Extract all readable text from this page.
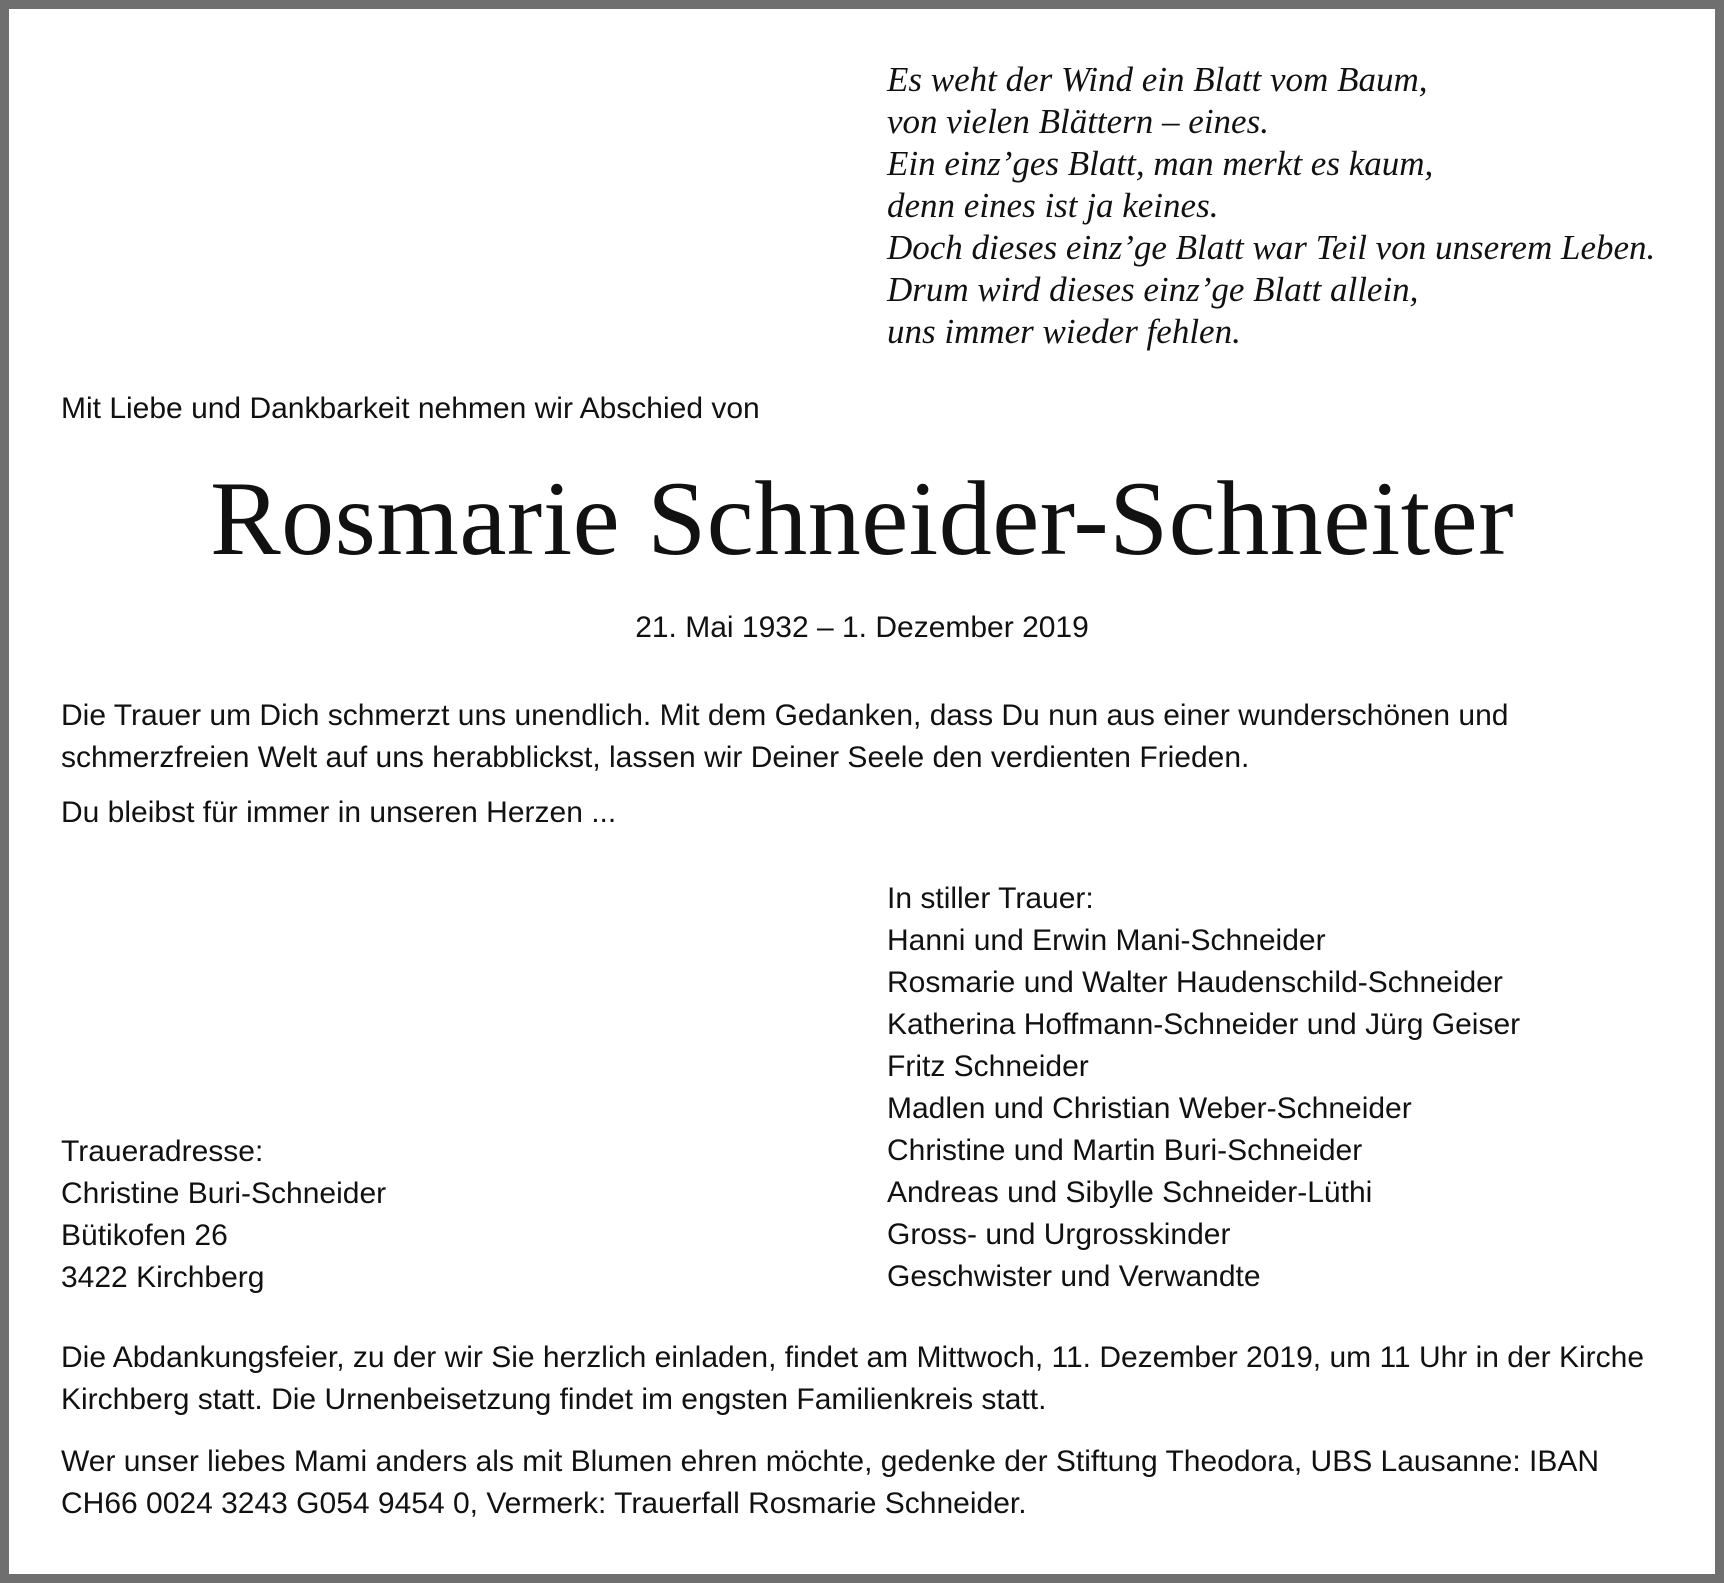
Es weht der Wind ein Blatt vom Baum,
von vielen Blättern – eines.
Ein einz’ges Blatt, man merkt es kaum,
denn eines ist ja keines.
Doch dieses einz’ge Blatt war Teil von unserem Leben.
Drum wird dieses einz’ge Blatt allein,
uns immer wieder fehlen.
Mit Liebe und Dankbarkeit nehmen wir Abschied von
Rosmarie Schneider-Schneiter
21. Mai 1932 – 1. Dezember 2019

Die Trauer um Dich schmerzt uns unendlich. Mit dem Gedanken, dass Du nun aus einer wunderschönen und schmerzfreien Welt auf uns herabblickst, lassen wir Deiner Seele den verdienten Frieden.

Du bleibst für immer in unseren Herzen ...

In stiller Trauer:
Hanni und Erwin Mani-Schneider
Rosmarie und Walter Haudenschild-Schneider
Katherina Hoffmann-Schneider und Jürg Geiser
Fritz Schneider
Madlen und Christian Weber-Schneider
Christine und Martin Buri-Schneider
Andreas und Sibylle Schneider-Lüthi
Gross- und Urgrosskinder
Geschwister und Verwandte
Traueradresse:
Christine Buri-Schneider
Bütikofen 26
3422 Kirchberg

Die Abdankungsfeier, zu der wir Sie herzlich einladen, findet am Mittwoch, 11. Dezember 2019, um 11 Uhr in der Kirche Kirchberg statt. Die Urnenbeisetzung findet im engsten Familienkreis statt.

Wer unser liebes Mami anders als mit Blumen ehren möchte, gedenke der Stiftung Theodora, UBS Lausanne: IBAN CH66 0024 3243 G054 9454 0, Vermerk: Trauerfall Rosmarie Schneider.
